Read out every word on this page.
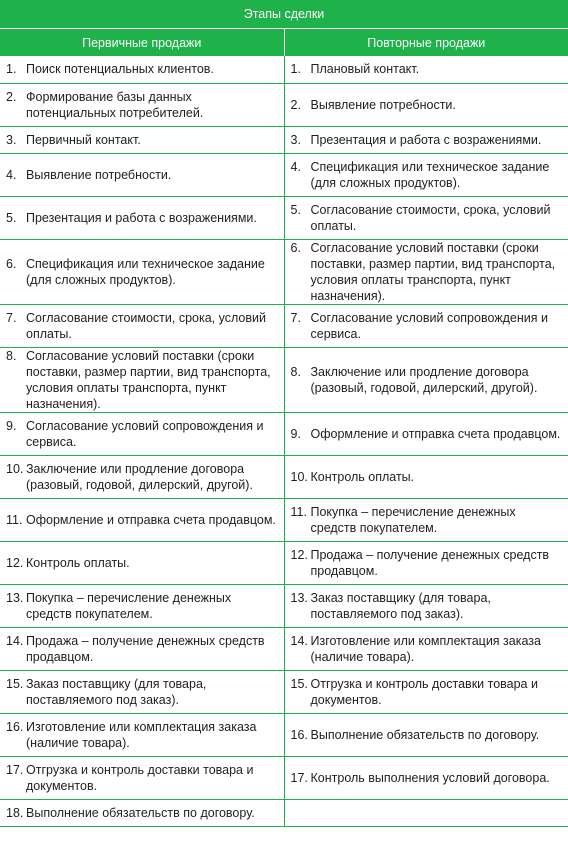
Этапы сделки	
Первичные продажи	Повторные продажи

1. Поиск потенциальных клиентов.	1. Плановый контакт.

2. Формирование базы данных потенциальных потребителей.	2. Выявление потребности.

3. Первичный контакт.	3. Презентация и работа с возражениями.

4. Выявление потребности.	4. Спецификация или техническое задание (для сложных продуктов).

5. Презентация и работа с возражениями.	5. Согласование стоимости, срока, условий оплаты.

6. Спецификация или техническое задание (для сложных продуктов).	6. Согласование условий поставки (сроки поставки, размер партии, вид транспорта, условия оплаты транспорта, пункт назначения).

7. Согласование стоимости, срока, условий оплаты.	7. Согласование условий сопровождения и сервиса.

8. Согласование условий поставки (сроки поставки, размер партии, вид транспорта, условия оплаты транспорта, пункт назначения).	8. Заключение или продление договора (разовый, годовой, дилерский, другой).

9. Согласование условий сопровождения и сервиса.	9. Оформление и отправка счета продавцом.

10. Заключение или продление договора (разовый, годовой, дилерский, другой).	10. Контроль оплаты.

11. Оформление и отправка счета продавцом.	11. Покупка – перечисление денежных средств покупателем.

12. Контроль оплаты.	12. Продажа – получение денежных средств продавцом.

13. Покупка – перечисление денежных средств покупателем.	13. Заказ поставщику (для товара, поставляемого под заказ).

14. Продажа – получение денежных средств продавцом.	14. Изготовление или комплектация заказа (наличие товара).

15. Заказ поставщику (для товара, поставляемого под заказ).	15. Отгрузка и контроль доставки товара и документов.

16. Изготовление или комплектация заказа (наличие товара).	16. Выполнение обязательств по договору.

17. Отгрузка и контроль доставки товара и документов.	17. Контроль выполнения условий договора.

18. Выполнение обязательств по договору.	
